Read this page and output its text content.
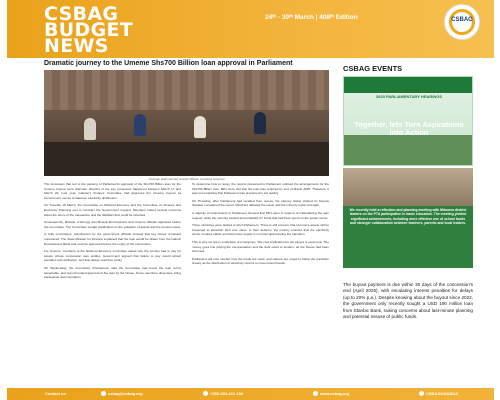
CSBAG
BUDGET
NEWS
24ᵗʰ - 30ᵗʰ March | 408ᵗʰ Edition	CSBAG
Dramatic journey to the Umeme Shs700 Billion loan approval in Parliament
A House staff member at work (Photo: Courtesy Umeme)

The processes that led to the passing of Parliament's approval of the Shs700 Billion loan for the Umeme buyout were dramatic. Reports of the key processes happened between March 17 and March 20. Last year, Cabinet's Finance Committee had approved the Umeme buyout as Government moves to takeover electricity distribution.

On Tuesday 18 March, the Committee on National Economy and the Committee on Finance and Economic Planning met to consider the Government request. Members raised several concerns about the terms of the transaction and the liabilities that could be inherited.

Consequently, Minister of Energy and Mineral Development and Umeme officials appeared before the Committee. The Committee sought clarification on the valuation of assets and the amount owed.

In both committees, submissions by the government officials showed that key issues remained unresolved. The State Minister for Finance explained that the loan would be drawn from the Islamic Development Bank and must be approved before the expiry of the concession.

For Umeme, members of the National Economy committee asked why the country had to pay for assets whose concession was ending. Government argued that failure to pay would attract penalties and arbitration, and that delays would be costly.

On Wednesday, the Committee Chairperson said the Committee had found the loan terms acceptable, and recommended approval of the loan by the House. Some members dissented, citing inadequate documentation.

To determine how to repay, the reports presented to Parliament outlined the arrangements for the Shs700 Billion loan. MPs were told that the loan was required by end of March 2025. Therefore, it was not surprising that Parliament was pressured to act quickly.

On Thursday, after Parliament had recalled from recess, the plenary sitting chaired by Deputy Speaker considered the report. Members debated the report and the minority report at length.

A majority of submissions in Parliament showed that MPs were in support of nationalising the loan request, while the minority wanted accountability for funds that had been spent on the power sector.

Three ministries were tasked to brief Parliament. There is still concern that Umeme's assets will be inspected to ascertain their true value. In their defence, the country ensures that the electricity sector remains stable and that power supply is not interrupted during the transition.

This is why we are in a situation of emergency. The cost implication for tax payers is enormous. The money goes into paying the compensation and the debt owed to lenders, as the House had been informed.

Parliament will now monitor how the funds are used, and citizens are urged to follow the transition closely as the distribution of electricity returns to Government hands.

CSBAG EVENTS
2025 PARLIAMENTARY HEARINGS
Together, lets Turn Aspirations into Action
We recently held a reflection and planning meeting with Mitooma district leaders on the PTA participation in basic education. The meeting yielded significant achievements, including more effective use of school funds and stronger collaboration between teachers, parents and local leaders.
The buyout payment is due within 30 days of the concession's end (April 2025), with escalating interest penalties for delays (up to 20% p.a.). Despite knowing about the buyout since 2022, the government only recently sought a USD 190 million loan from Stanbic Bank, raising concerns about last-minute planning and potential misuse of public funds.
Contact us	csbag@csbag.org	+256-393-221-154	www.csbag.org	CSBAGUGANDA
